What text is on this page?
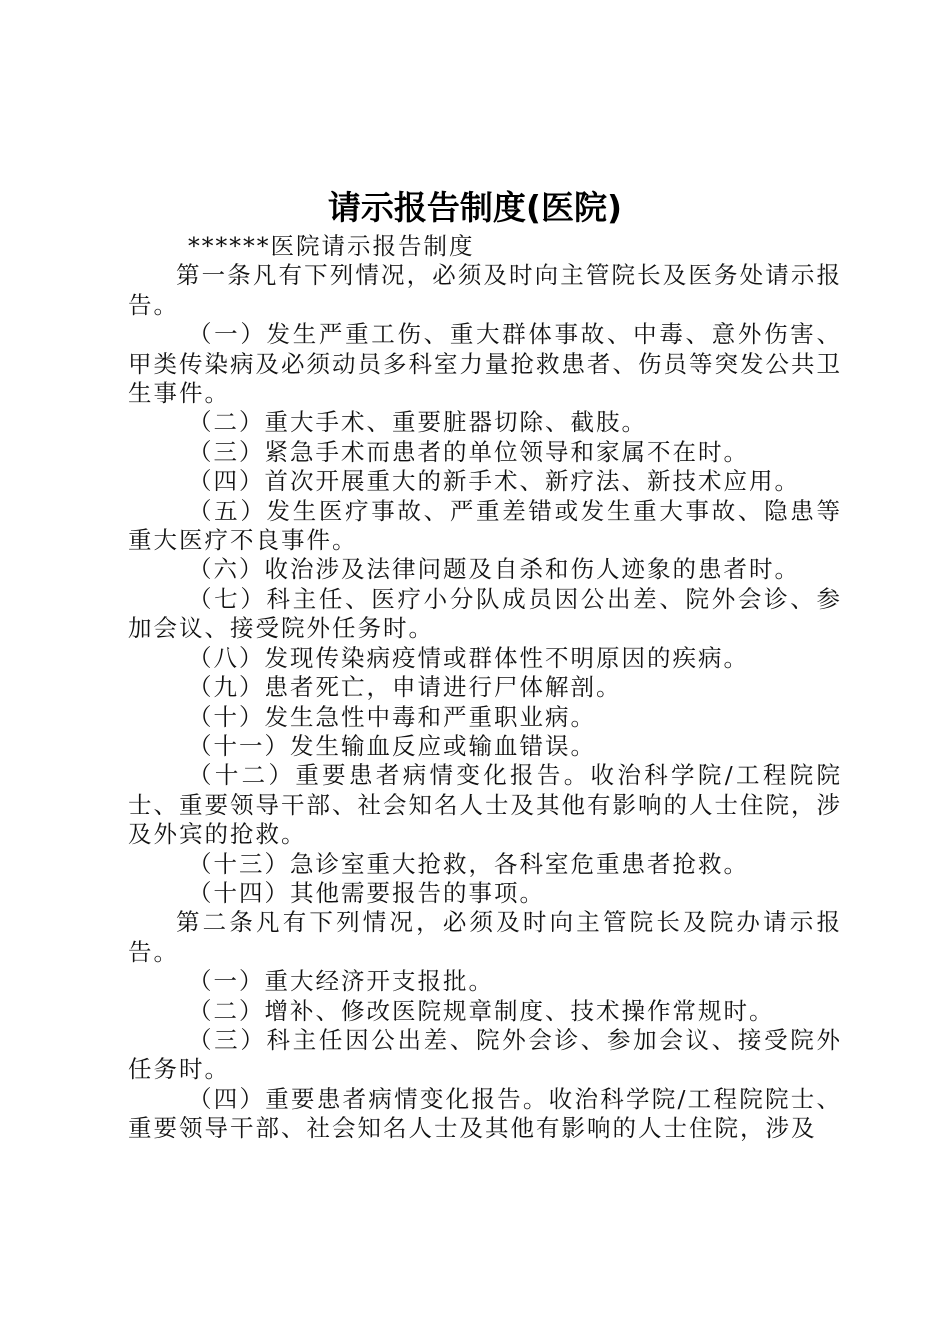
请示报告制度(医院)

******医院请示报告制度

第一条凡有下列情况，必须及时向主管院长及医务处请示报告。

（一）发生严重工伤、重大群体事故、中毒、意外伤害、甲类传染病及必须动员多科室力量抢救患者、伤员等突发公共卫生事件。

（二）重大手术、重要脏器切除、截肢。

（三）紧急手术而患者的单位领导和家属不在时。

（四）首次开展重大的新手术、新疗法、新技术应用。

（五）发生医疗事故、严重差错或发生重大事故、隐患等重大医疗不良事件。

（六）收治涉及法律问题及自杀和伤人迹象的患者时。

（七）科主任、医疗小分队成员因公出差、院外会诊、参加会议、接受院外任务时。

（八）发现传染病疫情或群体性不明原因的疾病。

（九）患者死亡，申请进行尸体解剖。

（十）发生急性中毒和严重职业病。

（十一）发生输血反应或输血错误。

（十二）重要患者病情变化报告。收治科学院/工程院院士、重要领导干部、社会知名人士及其他有影响的人士住院，涉及外宾的抢救。

（十三）急诊室重大抢救，各科室危重患者抢救。

（十四）其他需要报告的事项。

第二条凡有下列情况，必须及时向主管院长及院办请示报告。

（一）重大经济开支报批。

（二）增补、修改医院规章制度、技术操作常规时。

（三）科主任因公出差、院外会诊、参加会议、接受院外任务时。

（四）重要患者病情变化报告。收治科学院/工程院院士、重要领导干部、社会知名人士及其他有影响的人士住院，涉及
